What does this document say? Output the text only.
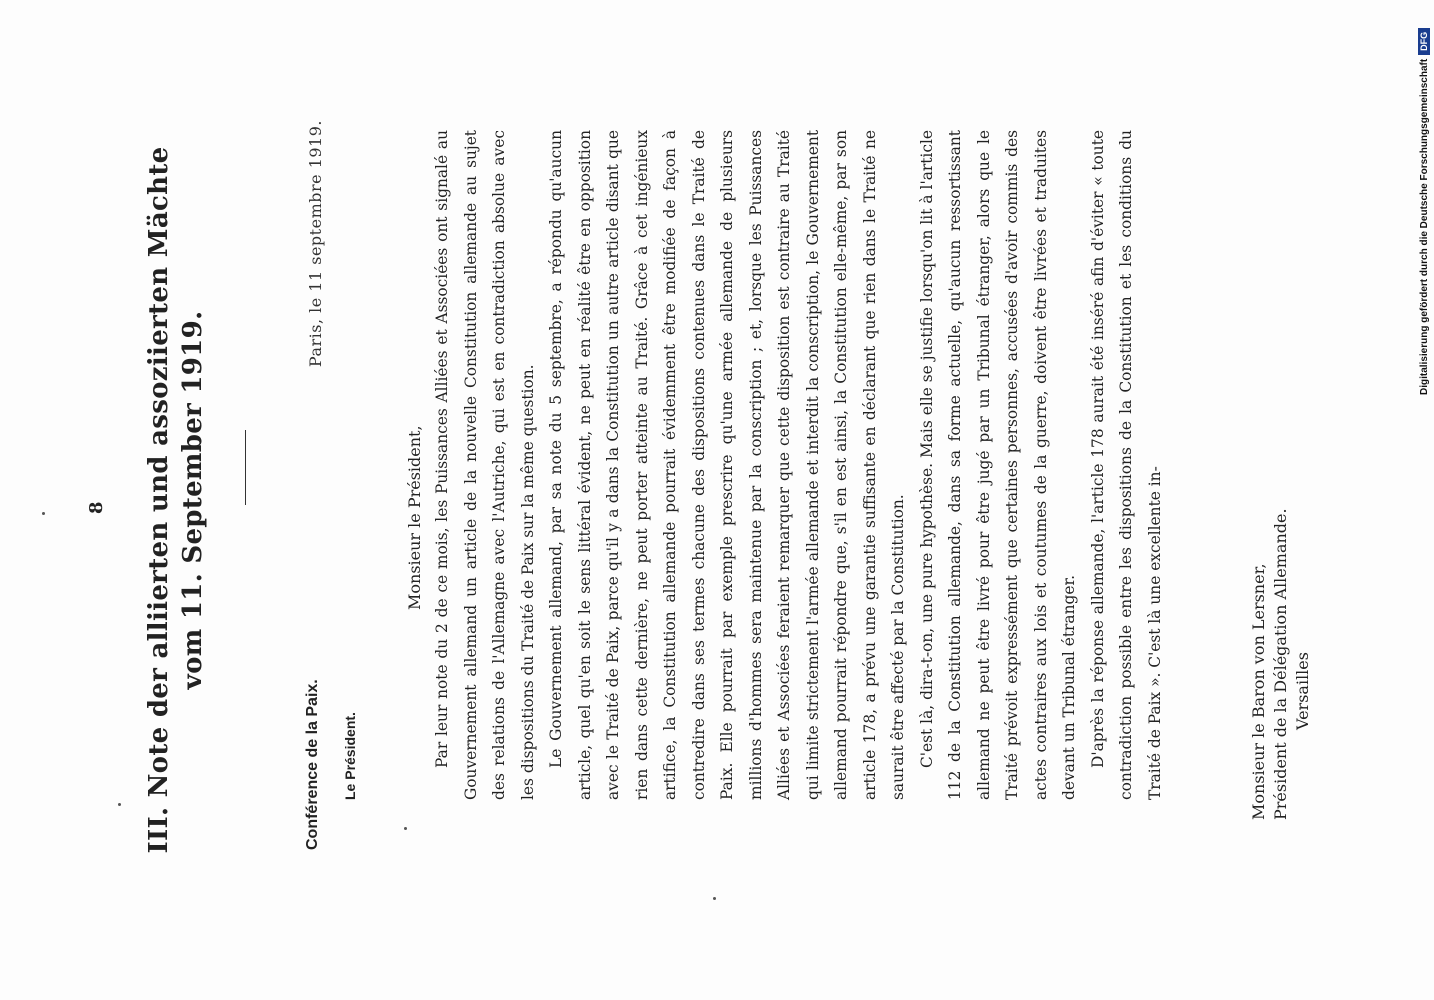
8 III. Note der alliierten und assoziierten Mächte vom 11. September 1919.
Conférence de la Paix. Le Président.
Paris, le 11 septembre 1919.
Monsieur le Président, Par leur note du 2 de ce mois, les Puissances Alliées et Associées ont signalé au Gouvernement allemand un article de la nouvelle Constitution allemande au sujet des relations de l'Allemagne avec l'Autriche, qui est en contradiction absolue avec les dispositions du Traité de Paix sur la même question. Le Gouvernement allemand, par sa note du 5 septembre, a répondu qu'aucun article, quel qu'en soit le sens littéral évident, ne peut en réalité être en opposition avec le Traité de Paix, parce qu'il y a dans la Constitution un autre article disant que rien dans cette dernière, ne peut porter atteinte au Traité. Grâce à cet ingénieux artifice, la Constitution allemande pourrait évidemment être modifiée de façon à contredire dans ses termes chacune des dispositions contenues dans le Traité de Paix. Elle pourrait par exemple prescrire qu'une armée allemande de plusieurs millions d'hommes sera maintenue par la conscription ; et, lorsque les Puissances Alliées et Associées feraient remarquer que cette disposition est contraire au Traité qui limite strictement l'armée allemande et interdit la conscription, le Gouvernement allemand pourrait répondre que, s'il en est ainsi, la Constitution elle-même, par son article 178, a prévu une garantie suffisante en déclarant que rien dans le Traité ne saurait être affecté par la Constitution. C'est là, dira-t-on, une pure hypothèse. Mais elle se justifie lorsqu'on lit à l'article 112 de la Constitution allemande, dans sa forme actuelle, qu'aucun ressortissant allemand ne peut être livré pour être jugé par un Tribunal étranger, alors que le Traité prévoit expressément que certaines personnes, accusées d'avoir commis des actes contraires aux lois et coutumes de la guerre, doivent être livrées et traduites devant un Tribunal étranger. D'après la réponse allemande, l'article 178 aurait été inséré afin d'éviter « toute contradiction possible entre les dispositions de la Constitution et les conditions du Traité de Paix ». C'est là une excellente in-	Monsieur le Baron von Lersner, Président de la Délégation Allemande. Versailles
Digitalisierung gefördert durch die Deutsche Forschungsgemeinschaft
DFG
